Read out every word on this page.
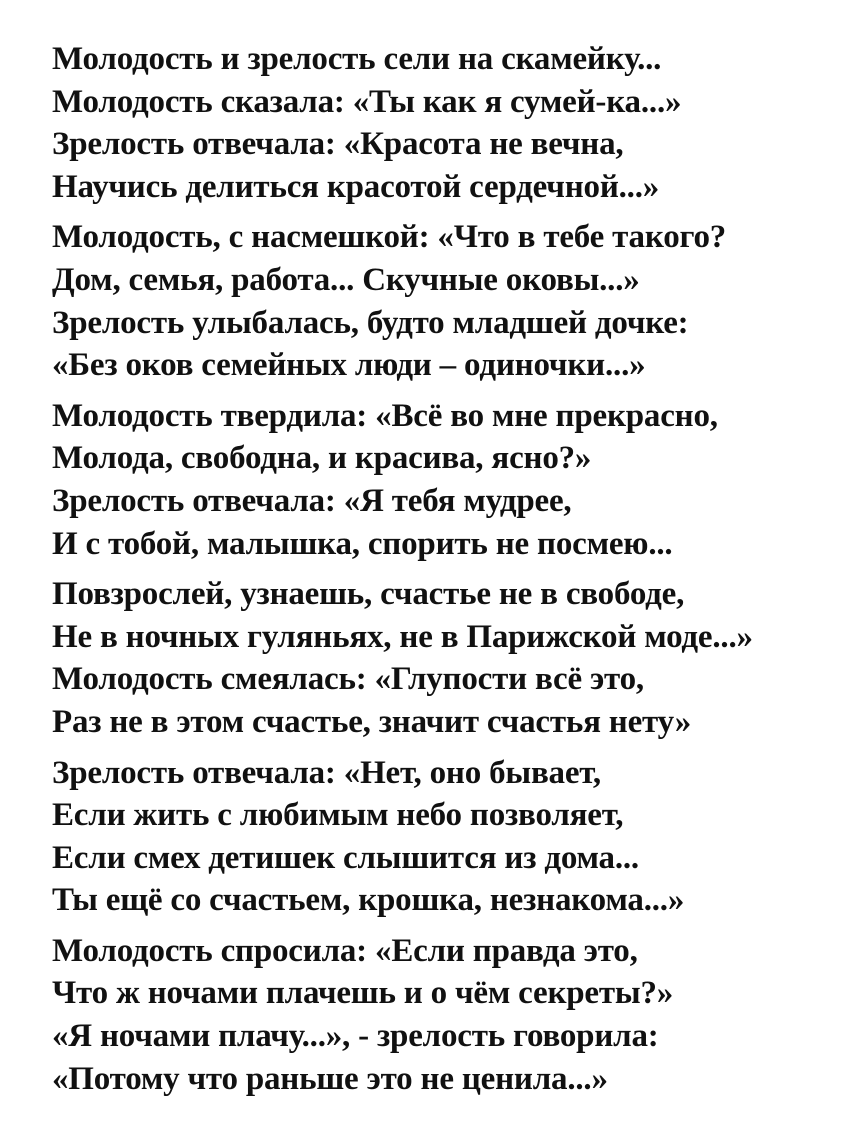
Молодость и зрелость сели на скамейку...
Молодость сказала: «Ты как я сумей-ка...»
Зрелость отвечала: «Красота не вечна,
Научись делиться красотой сердечной...»
Молодость, с насмешкой: «Что в тебе такого?
Дом, семья, работа... Скучные оковы...»
Зрелость улыбалась, будто младшей дочке:
«Без оков семейных люди – одиночки...»
Молодость твердила: «Всё во мне прекрасно,
Молода, свободна, и красива, ясно?»
Зрелость отвечала: «Я тебя мудрее,
И с тобой, малышка, спорить не посмею...
Повзрослей, узнаешь, счастье не в свободе,
Не в ночных гуляньях, не в Парижской моде...»
Молодость смеялась: «Глупости всё это,
Раз не в этом счастье, значит счастья нету»
Зрелость отвечала: «Нет, оно бывает,
Если жить с любимым небо позволяет,
Если смех детишек слышится из дома...
Ты ещё со счастьем, крошка, незнакома...»
Молодость спросила: «Если правда это,
Что ж ночами плачешь и о чём секреты?»
«Я ночами плачу...», - зрелость говорила:
«Потому что раньше это не ценила...»
